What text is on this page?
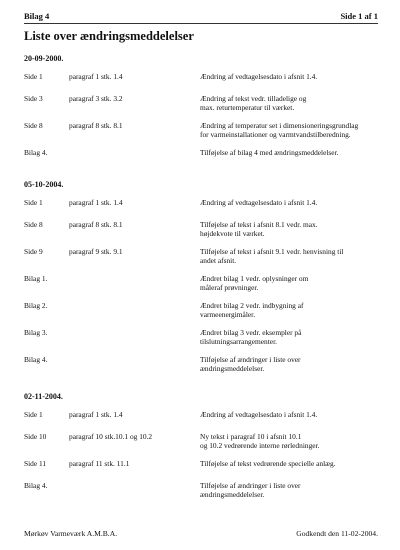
Bilag 4	Side 1 af 1
Liste over ændringsmeddelelser
20-09-2000.
Side 1	paragraf 1 stk. 1.4	Ændring af vedtagelsesdato i afsnit 1.4.
Side 3	paragraf 3 stk. 3.2	Ændring af tekst vedr. tilladelige og
max. returtemperatur til værket.
Side 8	paragraf 8 stk. 8.1	Ændring af temperatur set i dimensioneringsgrundlag
for varmeinstallationer og varmtvandstilberedning.
Bilag 4.	Tilføjelse af bilag 4 med ændringsmeddelelser.
05-10-2004.
Side 1	paragraf 1 stk. 1.4	Ændring af vedtagelsesdato i afsnit 1.4.
Side 8	paragraf 8 stk. 8.1	Tilføjelse af tekst i afsnit 8.1 vedr. max.
højdekvote til værket.
Side 9	paragraf 9 stk. 9.1	Tilføjelse af tekst i afsnit 9.1 vedr. henvisning til
andet afsnit.
Bilag 1.	Ændret bilag 1 vedr. oplysninger om
måleraf prøvninger.
Bilag 2.	Ændret bilag 2 vedr. indbygning af
varmeenergimåler.
Bilag 3.	Ændret bilag 3 vedr. eksempler på
tilslutningsarrangementer.
Bilag 4.	Tilføjelse af ændringer i liste over
ændringsmeddelelser.
02-11-2004.
Side 1	paragraf 1 stk. 1.4	Ændring af vedtagelsesdato i afsnit 1.4.
Side 10	paragraf 10 stk.10.1 og 10.2	Ny tekst i paragraf 10 i afsnit 10.1
og 10.2 vedrørende interne rørledninger.
Side 11	paragraf 11 stk. 11.1	Tilføjelse af tekst vedrørende specielle anlæg.
Bilag 4.	Tilføjelse af ændringer i liste over
ændringsmeddelelser.
Mørkøv Varmeværk A.M.B.A.	Godkendt den 11-02-2004.
